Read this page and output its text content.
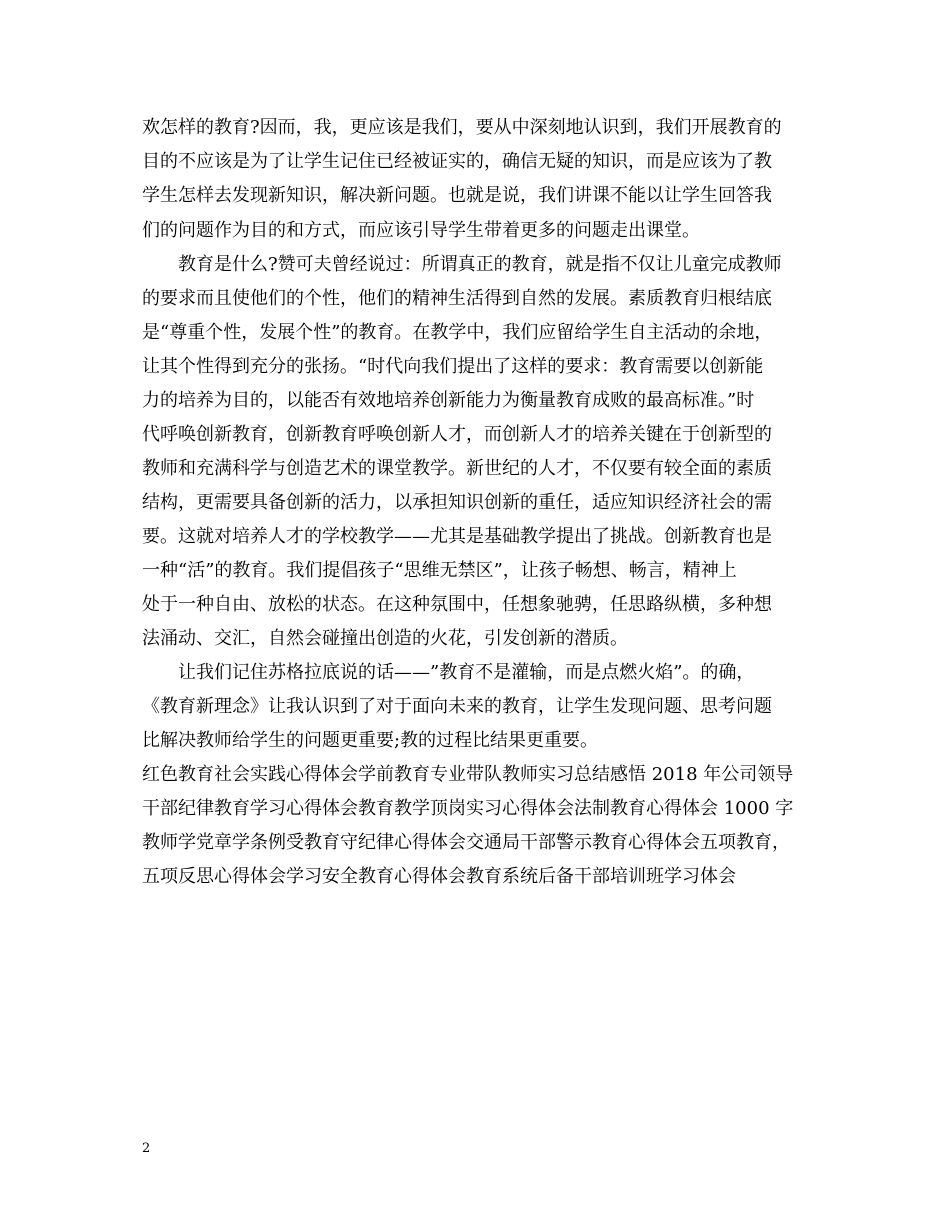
欢怎样的教育?因而，我，更应该是我们，要从中深刻地认识到，我们开展教育的
目的不应该是为了让学生记住已经被证实的，确信无疑的知识，而是应该为了教
学生怎样去发现新知识，解决新问题。也就是说，我们讲课不能以让学生回答我
们的问题作为目的和方式，而应该引导学生带着更多的问题走出课堂。
教育是什么?赞可夫曾经说过：所谓真正的教育，就是指不仅让儿童完成教师
的要求而且使他们的个性，他们的精神生活得到自然的发展。素质教育归根结底
是“尊重个性，发展个性”的教育。在教学中，我们应留给学生自主活动的余地，
让其个性得到充分的张扬。“时代向我们提出了这样的要求：教育需要以创新能
力的培养为目的，以能否有效地培养创新能力为衡量教育成败的最高标准。”时
代呼唤创新教育，创新教育呼唤创新人才，而创新人才的培养关键在于创新型的
教师和充满科学与创造艺术的课堂教学。新世纪的人才，不仅要有较全面的素质
结构，更需要具备创新的活力，以承担知识创新的重任，适应知识经济社会的需
要。这就对培养人才的学校教学——尤其是基础教学提出了挑战。创新教育也是
一种“活”的教育。我们提倡孩子“思维无禁区”，让孩子畅想、畅言，精神上
处于一种自由、放松的状态。在这种氛围中，任想象驰骋，任思路纵横，多种想
法涌动、交汇，自然会碰撞出创造的火花，引发创新的潜质。
让我们记住苏格拉底说的话——”教育不是灌输，而是点燃火焰”。的确，
《教育新理念》让我认识到了对于面向未来的教育，让学生发现问题、思考问题
比解决教师给学生的问题更重要;教的过程比结果更重要。
红色教育社会实践心得体会学前教育专业带队教师实习总结感悟 2018 年公司领导
干部纪律教育学习心得体会教育教学顶岗实习心得体会法制教育心得体会 1000 字
教师学党章学条例受教育守纪律心得体会交通局干部警示教育心得体会五项教育，
五项反思心得体会学习安全教育心得体会教育系统后备干部培训班学习体会
2
